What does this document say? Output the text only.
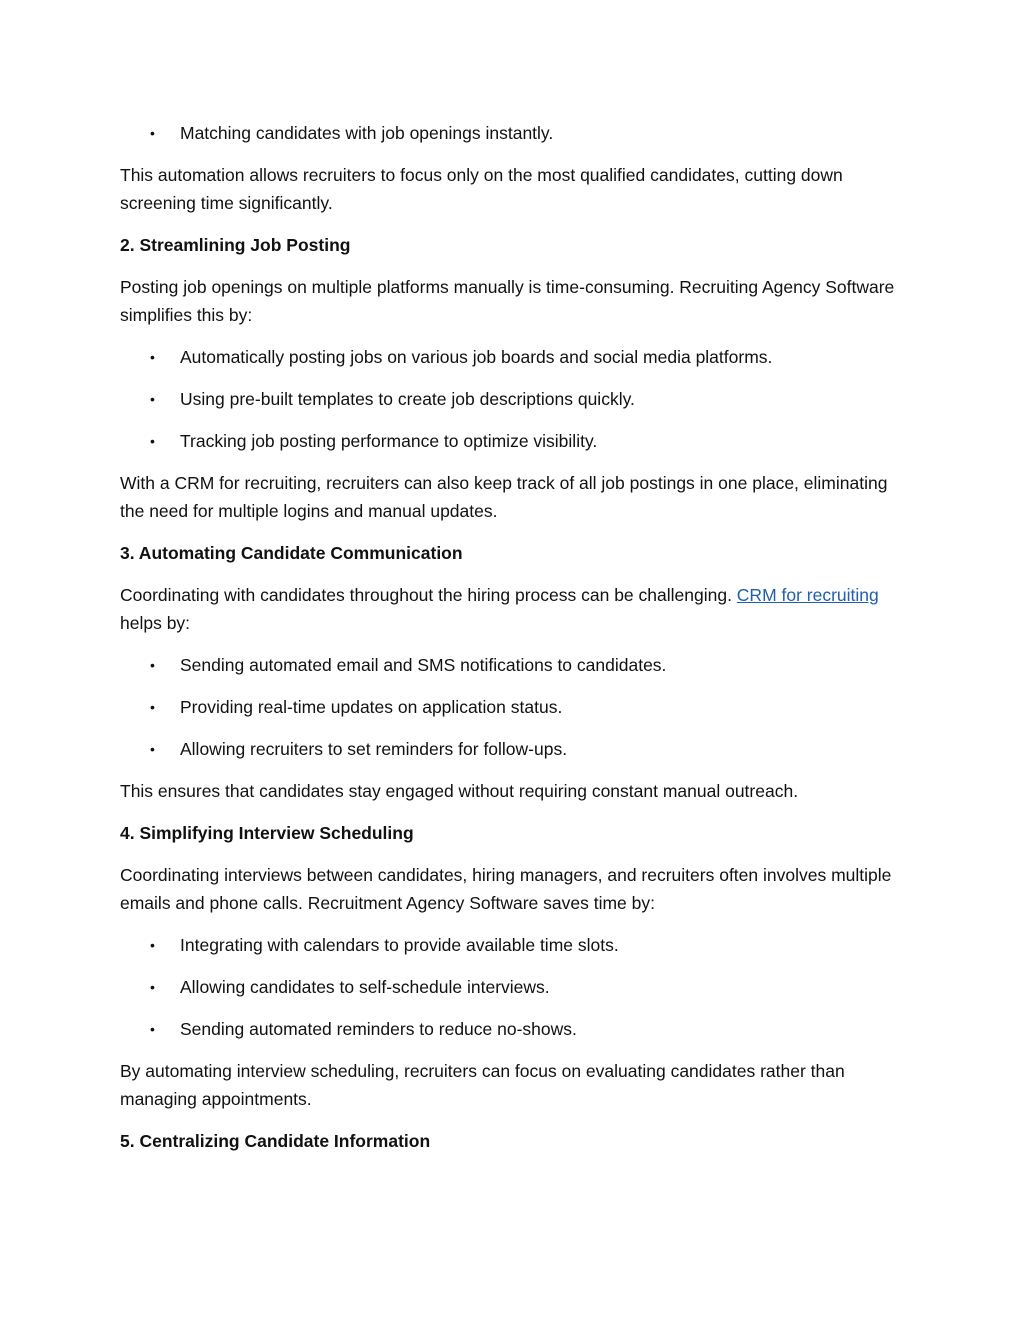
• Matching candidates with job openings instantly.

This automation allows recruiters to focus only on the most qualified candidates, cutting down screening time significantly.

2. Streamlining Job Posting

Posting job openings on multiple platforms manually is time-consuming. Recruiting Agency Software simplifies this by:

• Automatically posting jobs on various job boards and social media platforms.
• Using pre-built templates to create job descriptions quickly.
• Tracking job posting performance to optimize visibility.

With a CRM for recruiting, recruiters can also keep track of all job postings in one place, eliminating the need for multiple logins and manual updates.

3. Automating Candidate Communication

Coordinating with candidates throughout the hiring process can be challenging. CRM for recruiting helps by:

• Sending automated email and SMS notifications to candidates.
• Providing real-time updates on application status.
• Allowing recruiters to set reminders for follow-ups.

This ensures that candidates stay engaged without requiring constant manual outreach.

4. Simplifying Interview Scheduling

Coordinating interviews between candidates, hiring managers, and recruiters often involves multiple emails and phone calls. Recruitment Agency Software saves time by:

• Integrating with calendars to provide available time slots.
• Allowing candidates to self-schedule interviews.
• Sending automated reminders to reduce no-shows.

By automating interview scheduling, recruiters can focus on evaluating candidates rather than managing appointments.

5. Centralizing Candidate Information
